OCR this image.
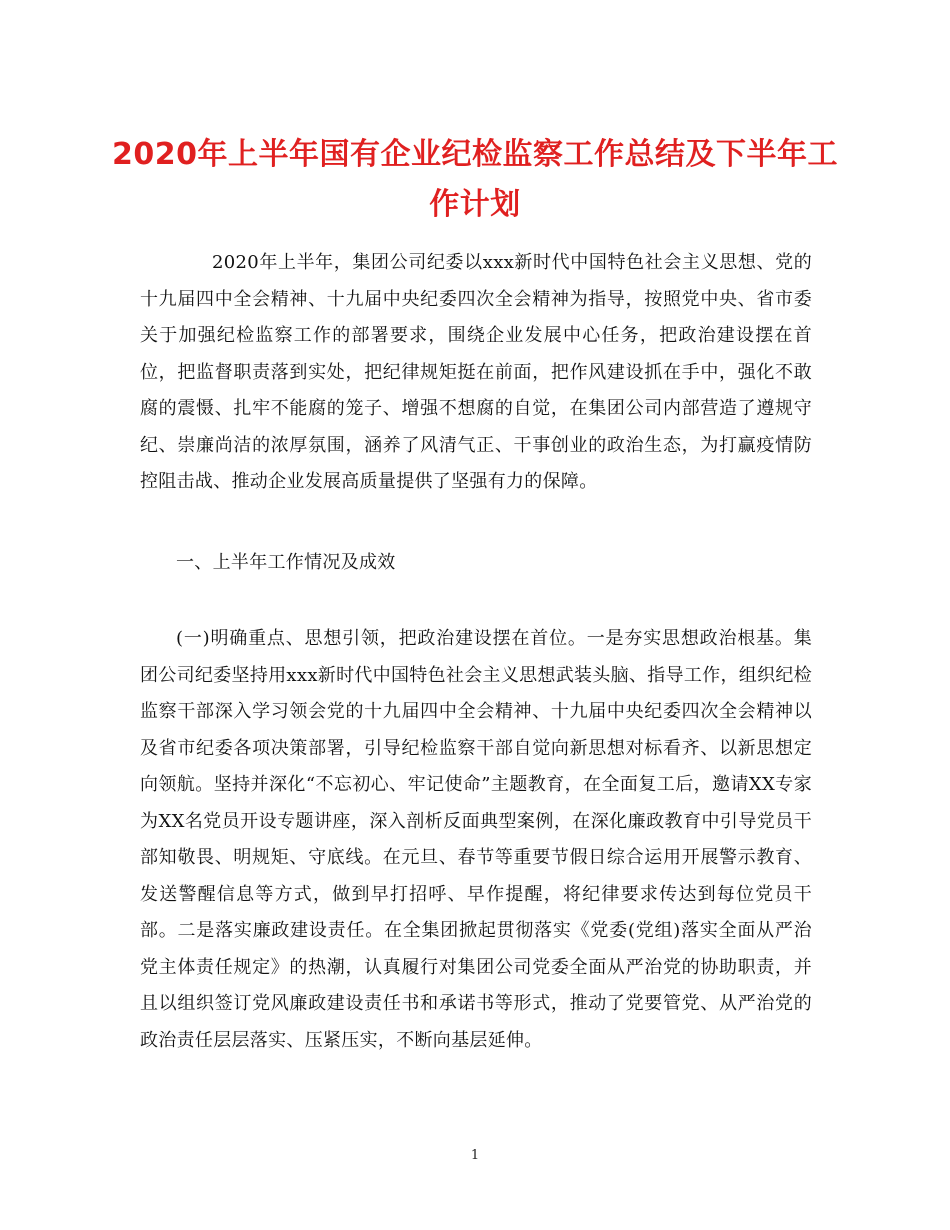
2020年上半年国有企业纪检监察工作总结及下半年工作计划

2020年上半年，集团公司纪委以xxx新时代中国特色社会主义思想、党的十九届四中全会精神、十九届中央纪委四次全会精神为指导，按照党中央、省市委关于加强纪检监察工作的部署要求，围绕企业发展中心任务，把政治建设摆在首位，把监督职责落到实处，把纪律规矩挺在前面，把作风建设抓在手中，强化不敢腐的震慑、扎牢不能腐的笼子、增强不想腐的自觉，在集团公司内部营造了遵规守纪、崇廉尚洁的浓厚氛围，涵养了风清气正、干事创业的政治生态，为打赢疫情防控阻击战、推动企业发展高质量提供了坚强有力的保障。

一、上半年工作情况及成效

(一)明确重点、思想引领，把政治建设摆在首位。一是夯实思想政治根基。集团公司纪委坚持用xxx新时代中国特色社会主义思想武装头脑、指导工作，组织纪检监察干部深入学习领会党的十九届四中全会精神、十九届中央纪委四次全会精神以及省市纪委各项决策部署，引导纪检监察干部自觉向新思想对标看齐、以新思想定向领航。坚持并深化“不忘初心、牢记使命”主题教育，在全面复工后，邀请XX专家为XX名党员开设专题讲座，深入剖析反面典型案例，在深化廉政教育中引导党员干部知敬畏、明规矩、守底线。在元旦、春节等重要节假日综合运用开展警示教育、发送警醒信息等方式，做到早打招呼、早作提醒，将纪律要求传达到每位党员干部。二是落实廉政建设责任。在全集团掀起贯彻落实《党委(党组)落实全面从严治党主体责任规定》的热潮，认真履行对集团公司党委全面从严治党的协助职责，并且以组织签订党风廉政建设责任书和承诺书等形式，推动了党要管党、从严治党的政治责任层层落实、压紧压实，不断向基层延伸。

1
